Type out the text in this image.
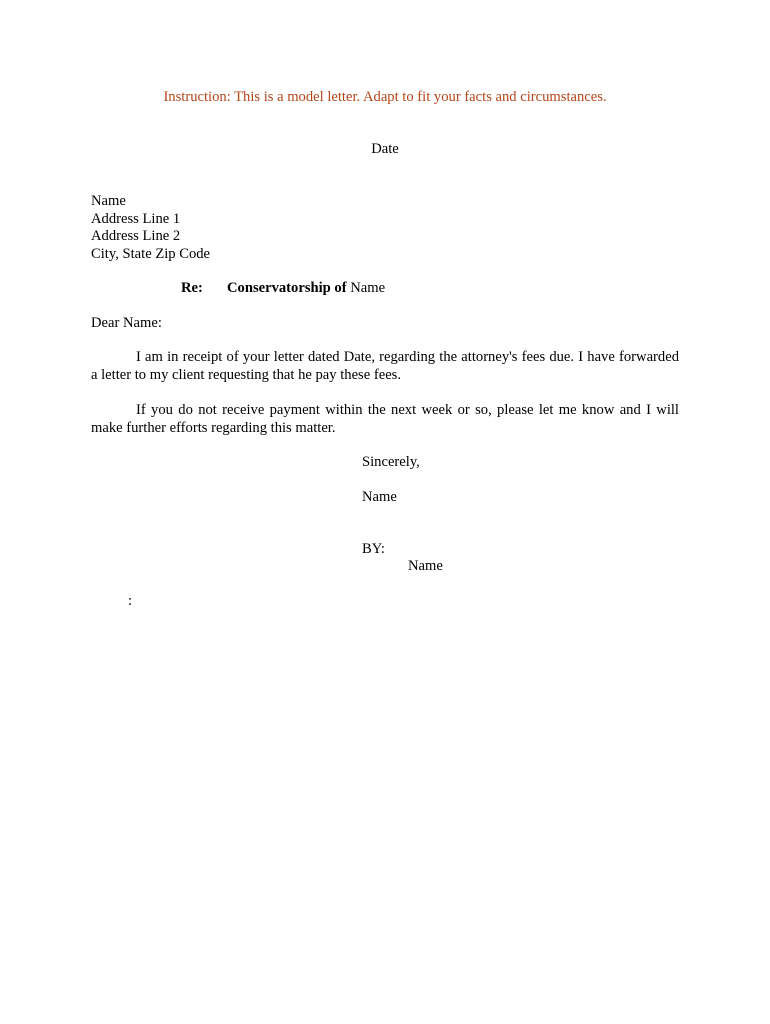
Instruction: This is a model letter. Adapt to fit your facts and circumstances.
Date
Name
Address Line 1
Address Line 2
City, State Zip Code
Re: Conservatorship of Name
Dear Name:
I am in receipt of your letter dated Date, regarding the attorney's fees due. I have forwarded a letter to my client requesting that he pay these fees.
If you do not receive payment within the next week or so, please let me know and I will make further efforts regarding this matter.
Sincerely,
Name
BY:
Name
:
